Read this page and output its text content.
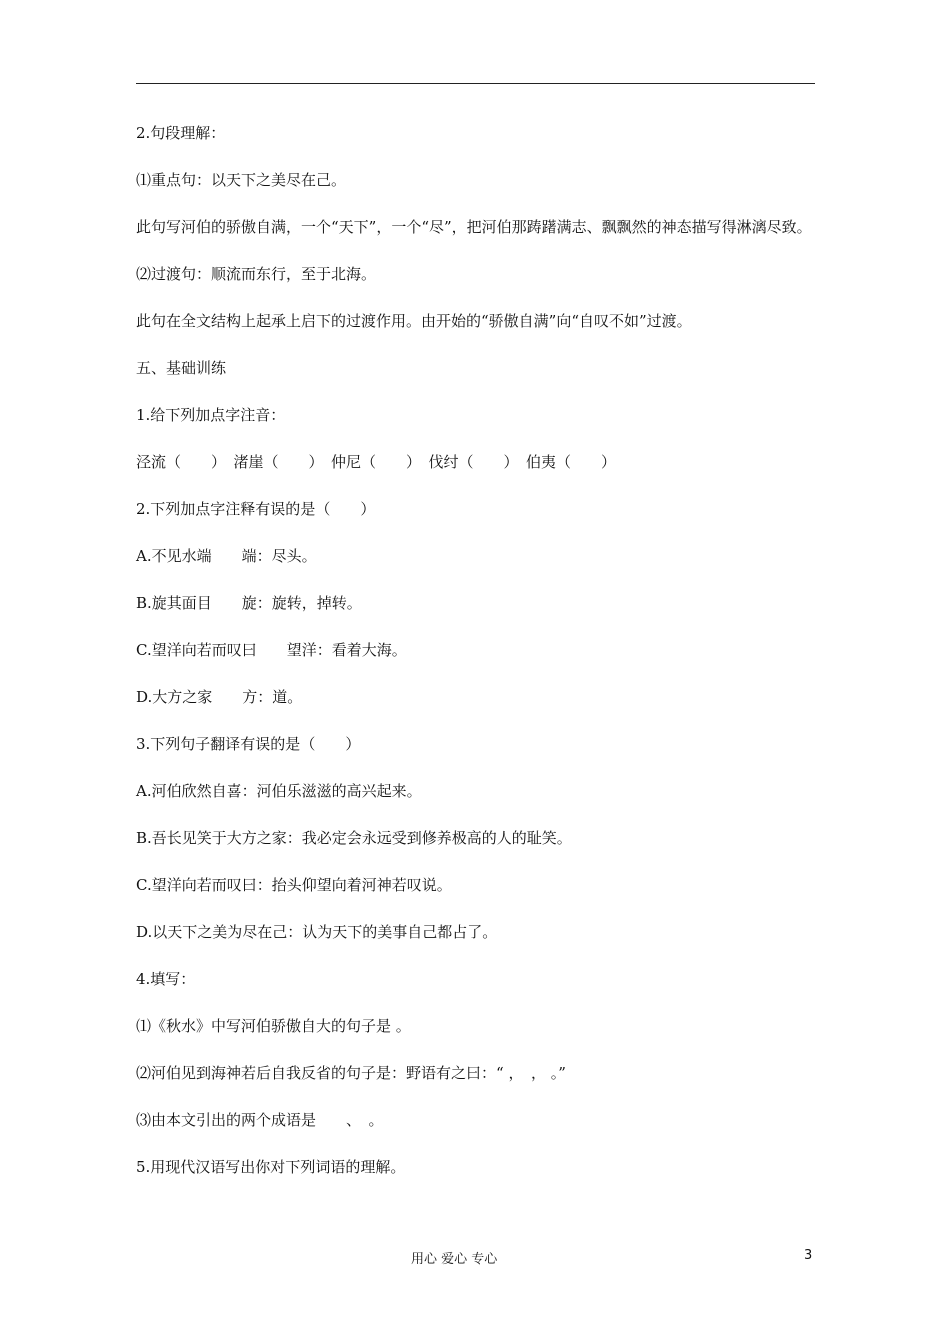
2.句段理解：

⑴重点句：以天下之美尽在己。

此句写河伯的骄傲自满，一个“天下”，一个“尽”，把河伯那踌躇满志、飘飘然的神态描写得淋漓尽致。

⑵过渡句：顺流而东行，至于北海。

此句在全文结构上起承上启下的过渡作用。由开始的“骄傲自满”向“自叹不如”过渡。

五、基础训练

1.给下列加点字注音：

泾流（　　）　渚崖（　　）　仲尼（　　）　伐纣（　　）　伯夷（　　）

2.下列加点字注释有误的是（　　）

A.不见水端　　端：尽头。

B.旋其面目　　旋：旋转，掉转。

C.望洋向若而叹曰　　望洋：看着大海。

D.大方之家　　方：道。

3.下列句子翻译有误的是（　　）

A.河伯欣然自喜：河伯乐滋滋的高兴起来。

B.吾长见笑于大方之家：我必定会永远受到修养极高的人的耻笑。

C.望洋向若而叹曰：抬头仰望向着河神若叹说。

D.以天下之美为尽在己：认为天下的美事自己都占了。

4.填写：

⑴《秋水》中写河伯骄傲自大的句子是 。

⑵河伯见到海神若后自我反省的句子是：野语有之曰：“ ，　， 。”

⑶由本文引出的两个成语是　　、　。

5.用现代汉语写出你对下列词语的理解。

用心 爱心 专心	3
